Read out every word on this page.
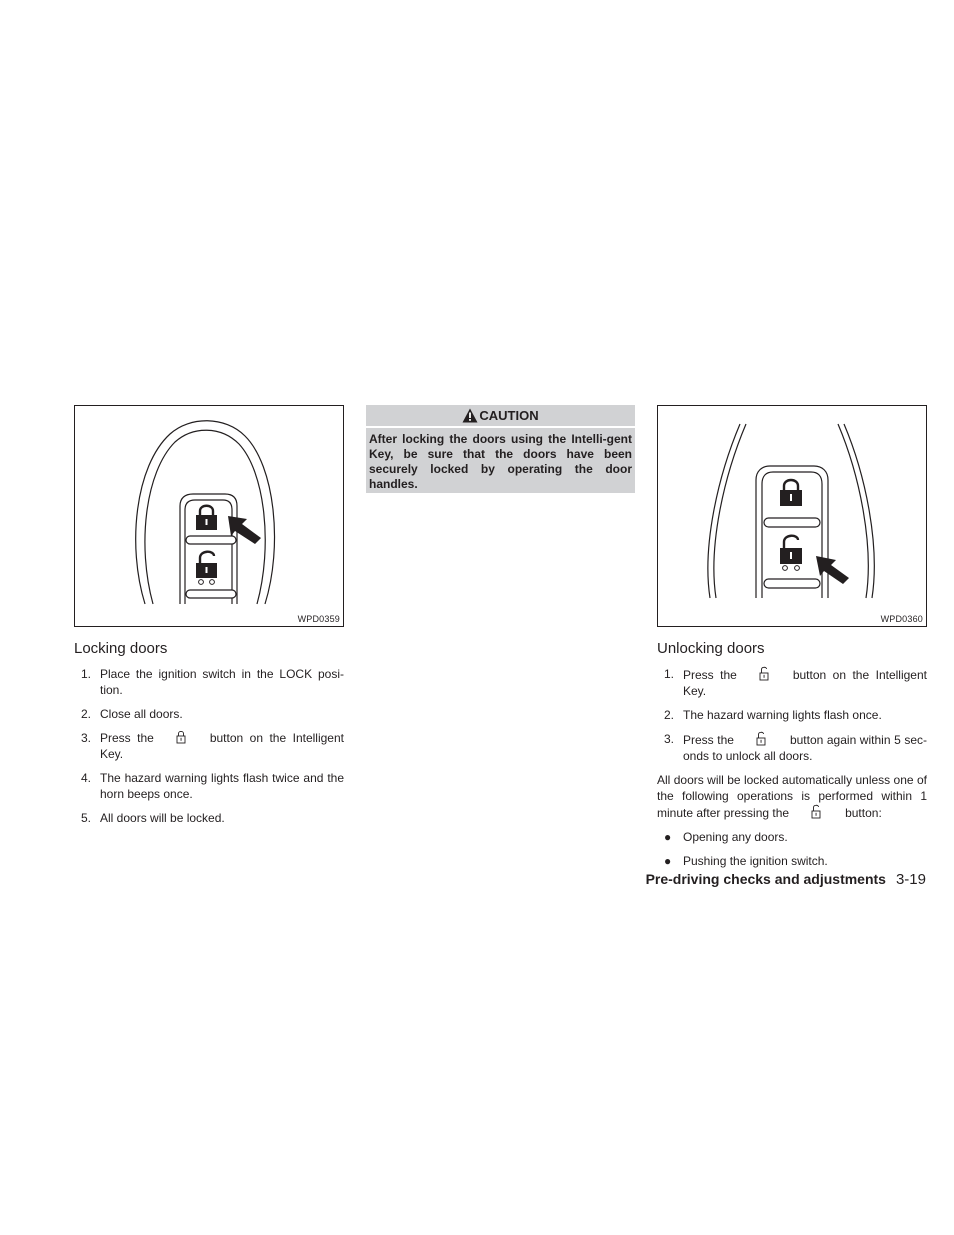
WPD0359
Locking doors
1. Place the ignition switch in the LOCK posi-tion.
2. Close all doors.
3. Press the	button on the Intelligent Key.
4. The hazard warning lights flash twice and the horn beeps once.
5. All doors will be locked.
CAUTION
After locking the doors using the Intelli-gent Key, be sure that the doors have been securely locked by operating the door handles.
WPD0360
Unlocking doors
1. Press the	button on the Intelligent Key.
2. The hazard warning lights flash once.
3. Press the	button again within 5 sec-onds to unlock all doors.
All doors will be locked automatically unless one of the following operations is performed within 1 minute after pressing the	button:
● Opening any doors.
● Pushing the ignition switch.
Pre-driving checks and adjustments 3-19
